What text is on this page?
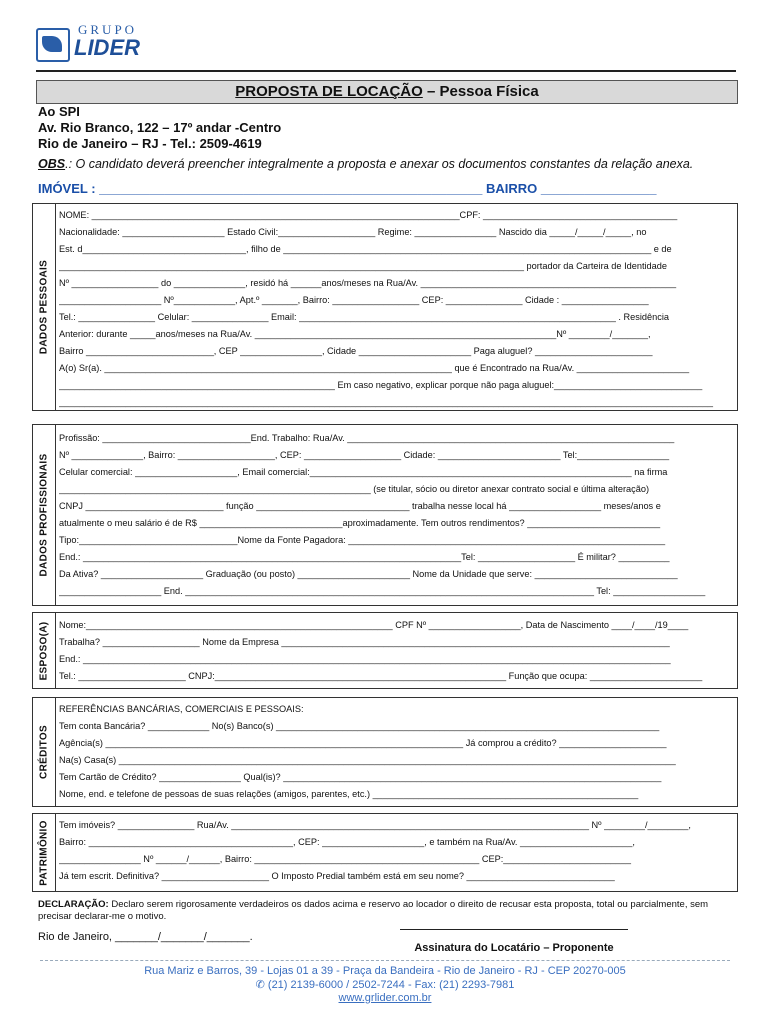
GRUPO
LIDER
PROPOSTA DE LOCAÇÃO – Pessoa Física
Ao SPI
Av. Rio Branco, 122 – 17º andar -Centro
Rio de Janeiro – RJ - Tel.: 2509-4619
OBS.: O candidato deverá preencher integralmente a proposta e anexar os documentos constantes da relação anexa.
IMÓVEL : _____________________________________________________ BAIRRO ________________
DADOS PESSOAIS
NOME: ________________________________________________________________________CPF: ______________________________________
Nacionalidade: ____________________ Estado Civil:___________________ Regime: ________________ Nascido dia _____/_____/_____, no
Est. d________________________________, filho de ________________________________________________________________________ e de
___________________________________________________________________________________________ portador da Carteira de Identidade
Nº _________________ do ______________, residó há ______anos/meses na Rua/Av. __________________________________________________
____________________ Nº____________, Apt.º _______, Bairro: _________________ CEP: _______________ Cidade : _________________
Tel.: _______________ Celular: _______________ Email: ______________________________________________________________ . Residência
Anterior: durante _____anos/meses na Rua/Av. ___________________________________________________________Nº ________/_______,
Bairro _________________________, CEP ________________, Cidade ______________________ Paga aluguel? _______________________
A(o) Sr(a). ____________________________________________________________________ que é Encontrado na Rua/Av. ______________________
______________________________________________________ Em caso negativo, explicar porque não paga aluguel:_____________________________
________________________________________________________________________________________________________________________________
DADOS PROFISSIONAIS
Profissão: _____________________________End. Trabalho: Rua/Av. ________________________________________________________________
Nº ______________, Bairro: ___________________, CEP: ___________________ Cidade: ________________________ Tel:__________________
Celular comercial: ____________________, Email comercial:_______________________________________________________________ na firma
_____________________________________________________________ (se titular, sócio ou diretor anexar contrato social e última alteração)
CNPJ ___________________________ função ______________________________ trabalha nesse local há __________________ meses/anos e
atualmente o meu salário é de R$ ____________________________aproximadamente. Tem outros rendimentos? __________________________
Tipo:_______________________________Nome da Fonte Pagadora: ______________________________________________________________
End.: __________________________________________________________________________Tel: ___________________ É militar? __________
Da Ativa? ____________________ Graduação (ou posto) ______________________ Nome da Unidade que serve: ____________________________
____________________ End. ________________________________________________________________________________ Tel: __________________
ESPOSO(A) Nome:____________________________________________________________ CPF Nº __________________, Data de Nascimento ____/____/19____
Trabalha? ___________________ Nome da Empresa ____________________________________________________________________________
End.: ___________________________________________________________________________________________________________________
Tel.: _____________________ CNPJ:_________________________________________________________ Função que ocupa: ______________________
CRÉDITOS
REFERÊNCIAS BANCÁRIAS, COMERCIAIS E PESSOAIS:
Tem conta Bancária? ____________ No(s) Banco(s) ___________________________________________________________________________
Agência(s) ______________________________________________________________________ Já comprou a crédito? _____________________
Na(s) Casa(s) _____________________________________________________________________________________________________________
Tem Cartão de Crédito? ________________ Qual(is)? __________________________________________________________________________
Nome, end. e telefone de pessoas de suas relações (amigos, parentes, etc.) ____________________________________________________
PATRIMÔNIO Tem imóveis? _______________ Rua/Av. ______________________________________________________________________ Nº ________/________,
Bairro: ________________________________________, CEP: ____________________, e também na Rua/Av. ______________________,
________________ Nº ______/______, Bairro: ____________________________________________ CEP:_________________________
Já tem escrit. Definitiva? _____________________ O Imposto Predial também está em seu nome? _____________________________
DECLARAÇÃO: Declaro serem rigorosamente verdadeiros os dados acima e reservo ao locador o direito de recusar esta proposta, total ou parcialmente, sem precisar declarar-me o motivo.
Rio de Janeiro, _______/_______/_______.
Assinatura do Locatário – Proponente
Rua Mariz e Barros, 39 - Lojas 01 a 39 - Praça da Bandeira - Rio de Janeiro - RJ - CEP 20270-005
✆ (21) 2139-6000 / 2502-7244 - Fax: (21) 2293-7981
www.grlider.com.br
